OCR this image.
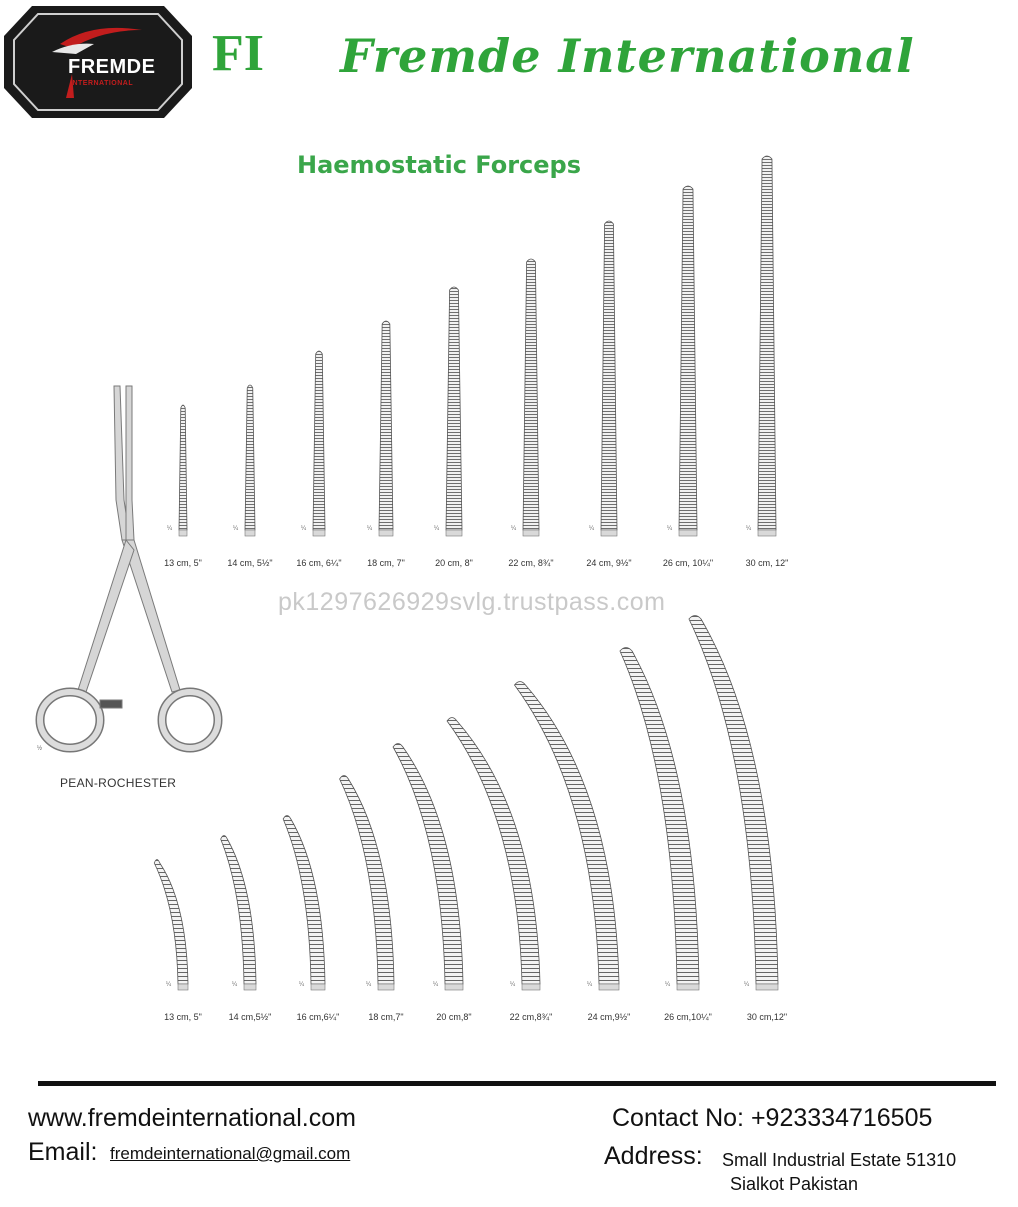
FREMDE
INTERNATIONAL
FI Fremde International
Haemostatic Forceps
¼
13 cm, 5"
¼
14 cm, 5½"
¼
16 cm, 6¼"
¼
18 cm, 7"
¼
20 cm, 8"
¼
22 cm, 8¾"
¼
24 cm, 9½"
¼
26 cm, 10¼"
¼
30 cm, 12"
¼
13 cm, 5"
¼
14 cm,5½"
¼
16 cm,6¼"
¼
18 cm,7"
¼
20 cm,8"
¼
22 cm,8¾"
¼
24 cm,9½"
¼
26 cm,10¼"
¼
30 cm,12"
½
PEAN-ROCHESTER
pk1297626929svlg.trustpass.com
www.fremdeinternational.com
Email: fremdeinternational@gmail.com
Contact No: +923334716505
Address: Small Industrial Estate 51310
Sialkot Pakistan
